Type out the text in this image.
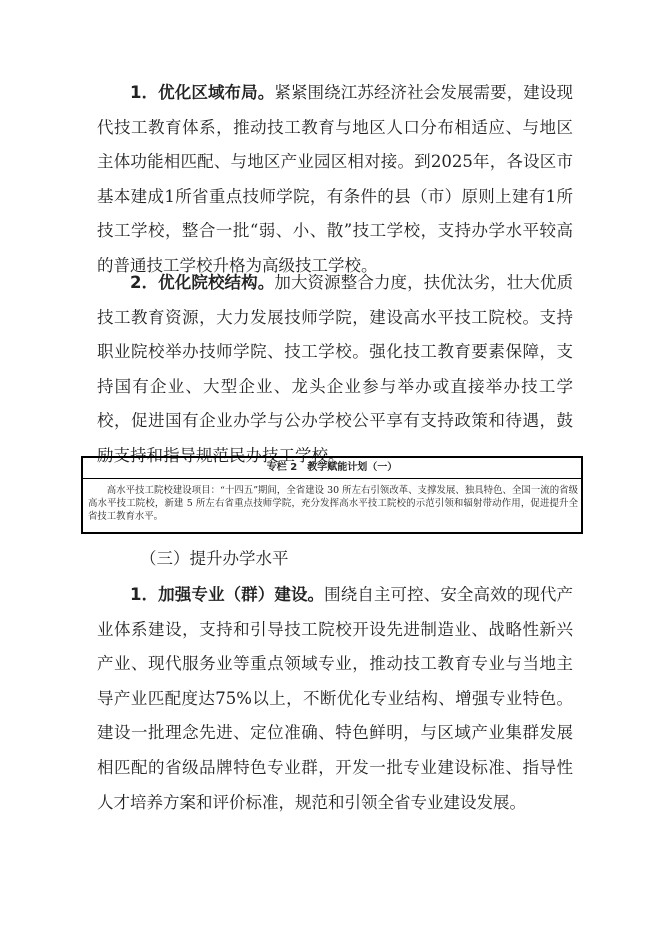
1．优化区域布局。紧紧围绕江苏经济社会发展需要，建设现代技工教育体系，推动技工教育与地区人口分布相适应、与地区主体功能相匹配、与地区产业园区相对接。到2025年，各设区市基本建成1所省重点技师学院，有条件的县（市）原则上建有1所技工学校，整合一批“弱、小、散”技工学校，支持办学水平较高的普通技工学校升格为高级技工学校。

2．优化院校结构。加大资源整合力度，扶优汰劣，壮大优质技工教育资源，大力发展技师学院，建设高水平技工院校。支持职业院校举办技师学院、技工学校。强化技工教育要素保障，支持国有企业、大型企业、龙头企业参与举办或直接举办技工学校，促进国有企业办学与公办学校公平享有支持政策和待遇，鼓励支持和指导规范民办技工学校。

专栏 2　教学赋能计划（一）

高水平技工院校建设项目：“十四五”期间，全省建设 30 所左右引领改革、支撑发展、独具特色、全国一流的省级高水平技工院校，新建 5 所左右省重点技师学院，充分发挥高水平技工院校的示范引领和辐射带动作用，促进提升全省技工教育水平。

（三）提升办学水平

1．加强专业（群）建设。围绕自主可控、安全高效的现代产业体系建设，支持和引导技工院校开设先进制造业、战略性新兴产业、现代服务业等重点领域专业，推动技工教育专业与当地主导产业匹配度达75%以上，不断优化专业结构、增强专业特色。建设一批理念先进、定位准确、特色鲜明，与区域产业集群发展相匹配的省级品牌特色专业群，开发一批专业建设标准、指导性人才培养方案和评价标准，规范和引领全省专业建设发展。
